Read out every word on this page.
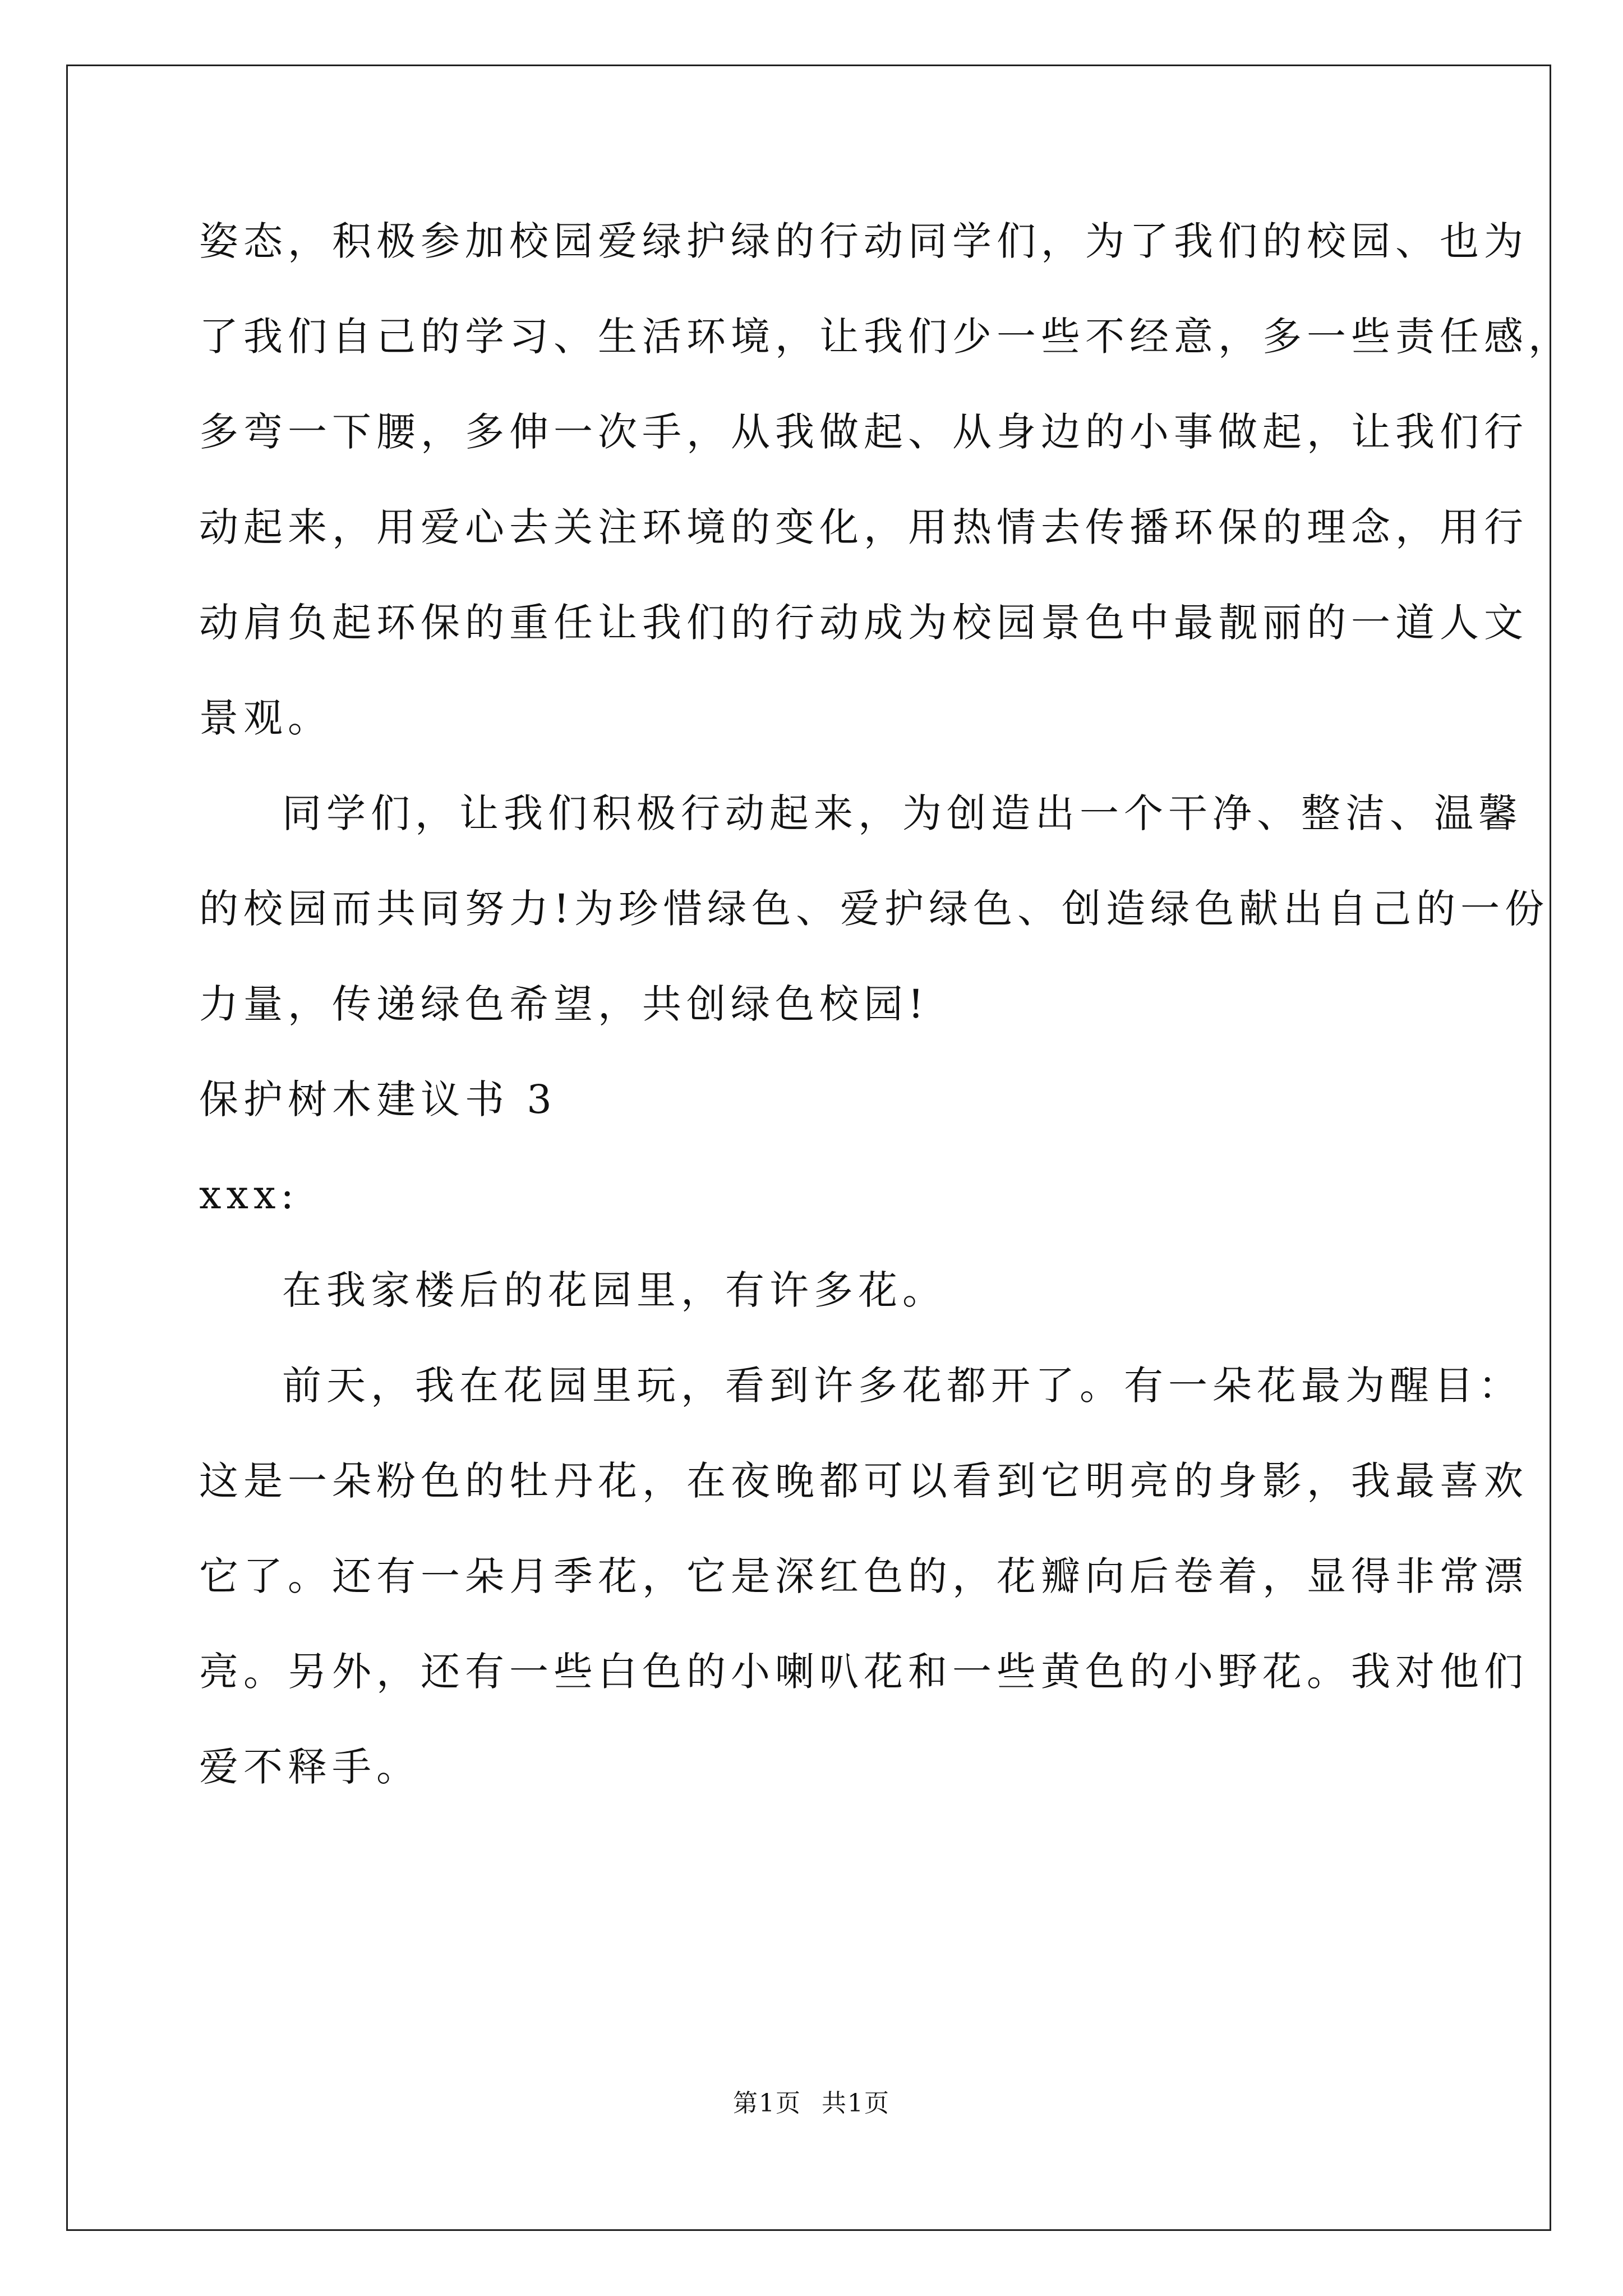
姿态，积极参加校园爱绿护绿的行动同学们，为了我们的校园、也为
了我们自己的学习、生活环境，让我们少一些不经意，多一些责任感，
多弯一下腰，多伸一次手，从我做起、从身边的小事做起，让我们行
动起来，用爱心去关注环境的变化，用热情去传播环保的理念，用行
动肩负起环保的重任让我们的行动成为校园景色中最靓丽的一道人文
景观。
同学们，让我们积极行动起来，为创造出一个干净、整洁、温馨
的校园而共同努力!为珍惜绿色、爱护绿色、创造绿色献出自己的一份
力量，传递绿色希望，共创绿色校园!
保护树木建议书 3
xxx:
在我家楼后的花园里，有许多花。
前天，我在花园里玩，看到许多花都开了。有一朵花最为醒目：
这是一朵粉色的牡丹花，在夜晚都可以看到它明亮的身影，我最喜欢
它了。还有一朵月季花，它是深红色的，花瓣向后卷着，显得非常漂
亮。另外，还有一些白色的小喇叭花和一些黄色的小野花。我对他们
爱不释手。
第1页 共1页
